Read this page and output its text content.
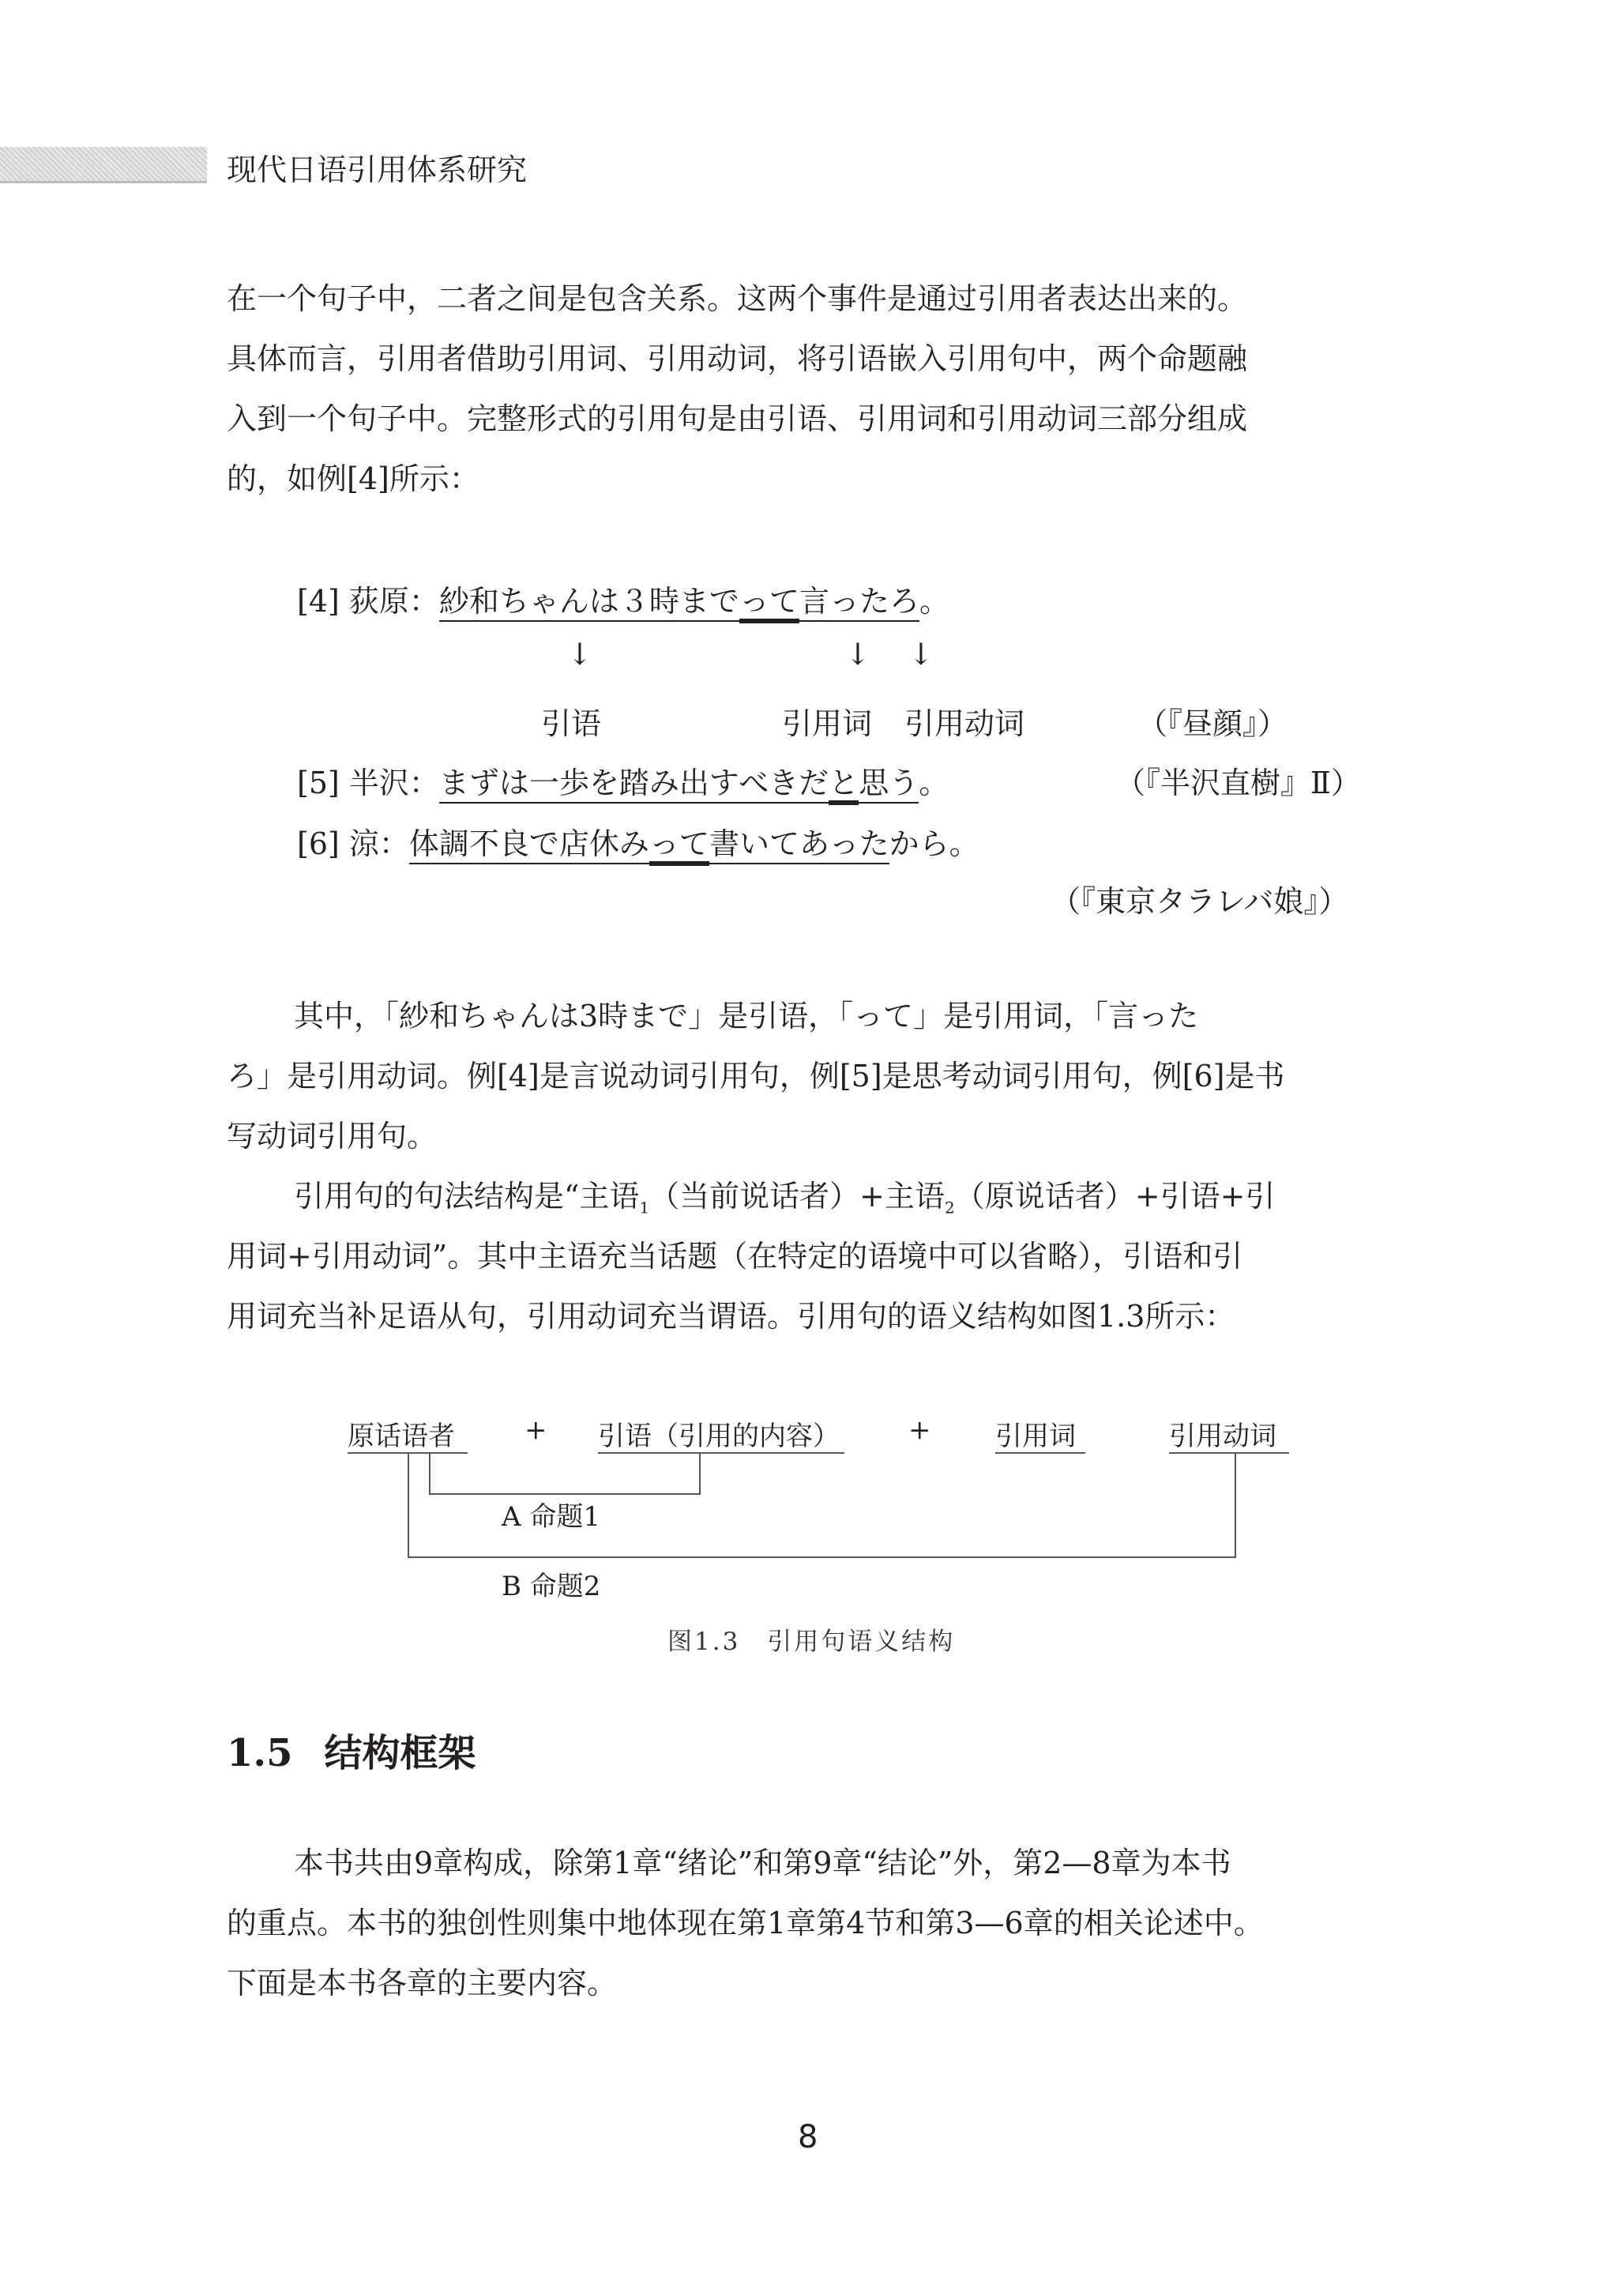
现代日语引用体系研究
在一个句子中，二者之间是包含关系。这两个事件是通过引用者表达出来的。
具体而言，引用者借助引用词、引用动词，将引语嵌入引用句中，两个命题融
入到一个句子中。完整形式的引用句是由引语、引用词和引用动词三部分组成
的，如例[4]所示：
[4] 荻原：紗和ちゃんは３時までって言ったろ。
↓	↓ ↓
引语	引用词 引用动词	（『昼顔』）
[5] 半沢：まずは一歩を踏み出すべきだと思う。	（『半沢直樹』Ⅱ）
[6] 涼：体調不良で店休みって書いてあったから。
（『東京タラレバ娘』）
其中，「紗和ちゃんは3時まで」是引语，「って」是引用词，「言った
ろ」是引用动词。例[4]是言说动词引用句，例[5]是思考动词引用句，例[6]是书
写动词引用句。
引用句的句法结构是“主语$_1$（当前说话者）+主语$_2$（原说话者）+引语+引
用词+引用动词”。其中主语充当话题（在特定的语境中可以省略），引语和引
用词充当补足语从句，引用动词充当谓语。引用句的语义结构如图1.3所示：
原话语者	+ 引语（引用的内容）	+ 引用词	引用动词
A 命题1
B 命题2
图1.3　引用句语义结构
1.5 结构框架
本书共由9章构成，除第1章“绪论”和第9章“结论”外，第2—8章为本书
的重点。本书的独创性则集中地体现在第1章第4节和第3—6章的相关论述中。
下面是本书各章的主要内容。
8
